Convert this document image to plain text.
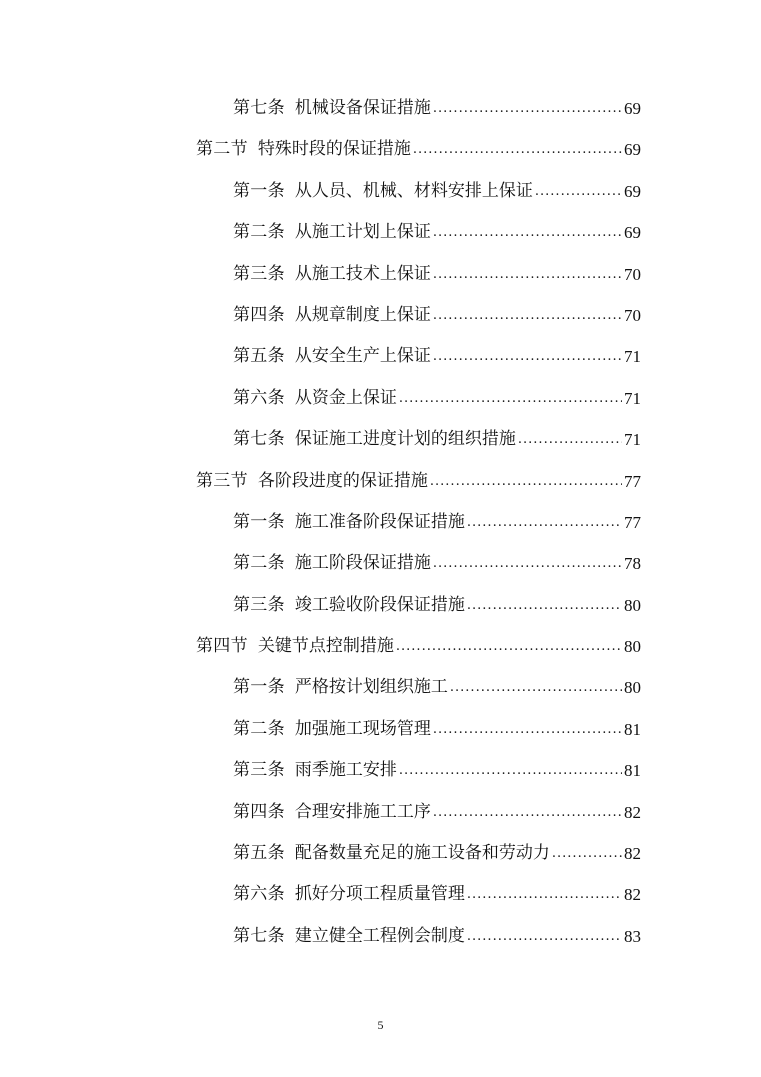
第七条 机械设备保证措施 .....	69
第二节 特殊时段的保证措施 .....	69
第一条 从人员、机械、材料安排上保证 .....	69
第二条 从施工计划上保证 .....	69
第三条 从施工技术上保证 .....	70
第四条 从规章制度上保证 .....	70
第五条 从安全生产上保证 .....	71
第六条 从资金上保证 .....	71
第七条 保证施工进度计划的组织措施 .....	71
第三节 各阶段进度的保证措施 .....	77
第一条 施工准备阶段保证措施 .....	77
第二条 施工阶段保证措施 .....	78
第三条 竣工验收阶段保证措施 .....	80
第四节 关键节点控制措施 .....	80
第一条 严格按计划组织施工 .....	80
第二条 加强施工现场管理 .....	81
第三条 雨季施工安排 .....	81
第四条 合理安排施工工序 .....	82
第五条 配备数量充足的施工设备和劳动力 .....	82
第六条 抓好分项工程质量管理 .....	82
第七条 建立健全工程例会制度 .....	83
5
